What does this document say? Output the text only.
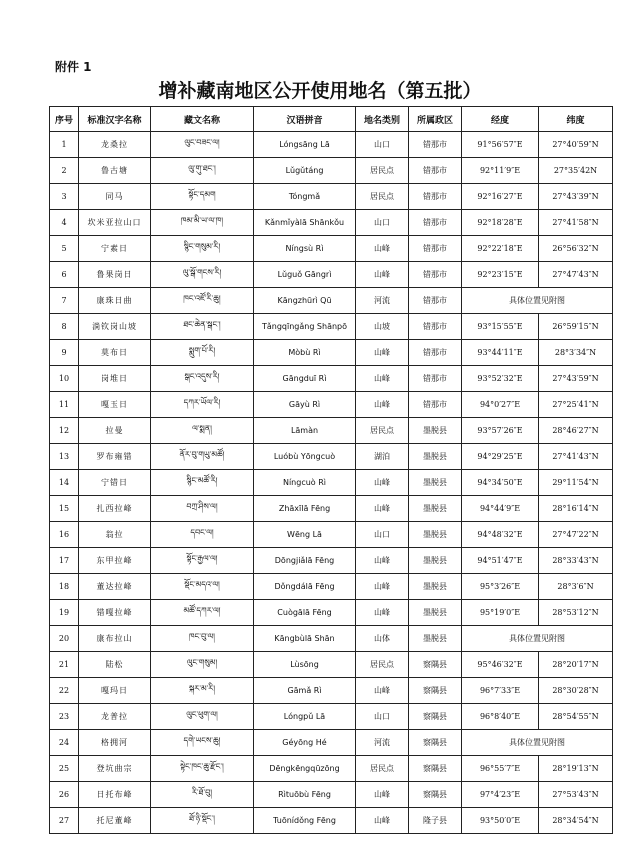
附件 1
增补藏南地区公开使用地名（第五批）
序号	标准汉字名称	藏文名称	汉语拼音	地名类别	所属政区	经度	纬度
1	龙桑拉	ལུང་བཟང་ལ།	Lóngsāng Lā	山口	错那市	91°56′57″E	27°40′59″N
2	鲁古塘	ལུ་གུ་ཐང་།	Lǔgǔtáng	居民点	错那市	92°11′9″E	27°35′42N
3	同马	སྟོང་དམག	Tóngmǎ	居民点	错那市	92°16′27″E	27°43′39″N
4	坎米亚拉山口	ཁམ་མི་ཡ་ལ་ཁ།	Kǎnmǐyàlā Shānkǒu	山口	错那市	92°18′28″E	27°41′58″N
5	宁素日	སྙིང་གསུམ་རི།	Níngsù Rì	山峰	错那市	92°22′18″E	26°56′32″N
6	鲁果岗日	ལུ་སྒོ་གངས་རི།	Lǔguǒ Gāngrì	山峰	错那市	92°23′15″E	27°47′43″N
7	康珠日曲	ཁང་འཛོ་རི་ཆུ།	Kāngzhūrì Qū	河流	错那市	具体位置见附图	
8	淌钦岗山坡	ཐང་ཆེན་སྒང་།	Tǎngqīngǎng Shānpō	山坡	错那市	93°15′55″E	26°59′15″N
9	莫布日	སྨུག་པོ་རི།	Mòbù Rì	山峰	错那市	93°44′11″E	28°3′34″N
10	岗堆日	སྒང་འདུས་རི།	Gāngduī Rì	山峰	错那市	93°52′32″E	27°43′59″N
11	嘎玉日	དཀར་ཡོལ་རི།	Gāyù Rì	山峰	错那市	94°0′27″E	27°25′41″N
12	拉曼	ལ་སྨན།	Lāmàn	居民点	墨脱县	93°57′26″E	28°46′27″N
13	罗布雍错	ནོར་བུ་གཡུ་མཚོ།	Luóbù Yōngcuò	湖泊	墨脱县	94°29′25″E	27°41′43″N
14	宁错日	སྙིང་མཚོ་རི།	Níngcuò Rì	山峰	墨脱县	94°34′50″E	29°11′54″N
15	扎西拉峰	བཀྲ་ཤིས་ལ།	Zhāxīlā Fēng	山峰	墨脱县	94°44′9″E	28°16′14″N
16	翁拉	དབང་ལ།	Wēng Lā	山口	墨脱县	94°48′32″E	27°47′22″N
17	东甲拉峰	སྟོང་རྒྱལ་ལ།	Dōngjiǎlā Fēng	山峰	墨脱县	94°51′47″E	28°33′43″N
18	董达拉峰	སྡོང་མདའ་ལ།	Dǒngdálā Fēng	山峰	墨脱县	95°3′26″E	28°3′6″N
19	错嘎拉峰	མཚོ་དཀར་ལ།	Cuògālā Fēng	山峰	墨脱县	95°19′0″E	28°53′12″N
20	康布拉山	ཁང་བུ་ལ།	Kāngbùlā Shān	山体	墨脱县	具体位置见附图	
21	陆松	ལུང་གསུམ།	Lùsōng	居民点	察隅县	95°46′32″E	28°20′17″N
22	嘎玛日	སྐར་མ་རི།	Gāmǎ Rì	山峰	察隅县	96°7′33″E	28°30′28″N
23	龙普拉	ལུང་ཕུག་ལ།	Lóngpǔ Lā	山口	察隅县	96°8′40″E	28°54′55″N
24	格拥河	དགེ་ཡངས་ཆུ།	Géyōng Hé	河流	察隅县	具体位置见附图	
25	登坑曲宗	སྟེང་ཁང་ཆུ་རྫོང་།	Dēngkēngqūzōng	居民点	察隅县	96°55′7″E	28°19′13″N
26	日托布峰	རི་ཐོ་བུ།	Rìtuōbù Fēng	山峰	察隅县	97°4′23″E	27°53′43″N
27	托尼董峰	ཐོ་ཉི་སྡོང་།	Tuōnídǒng Fēng	山峰	隆子县	93°50′0″E	28°34′54″N
